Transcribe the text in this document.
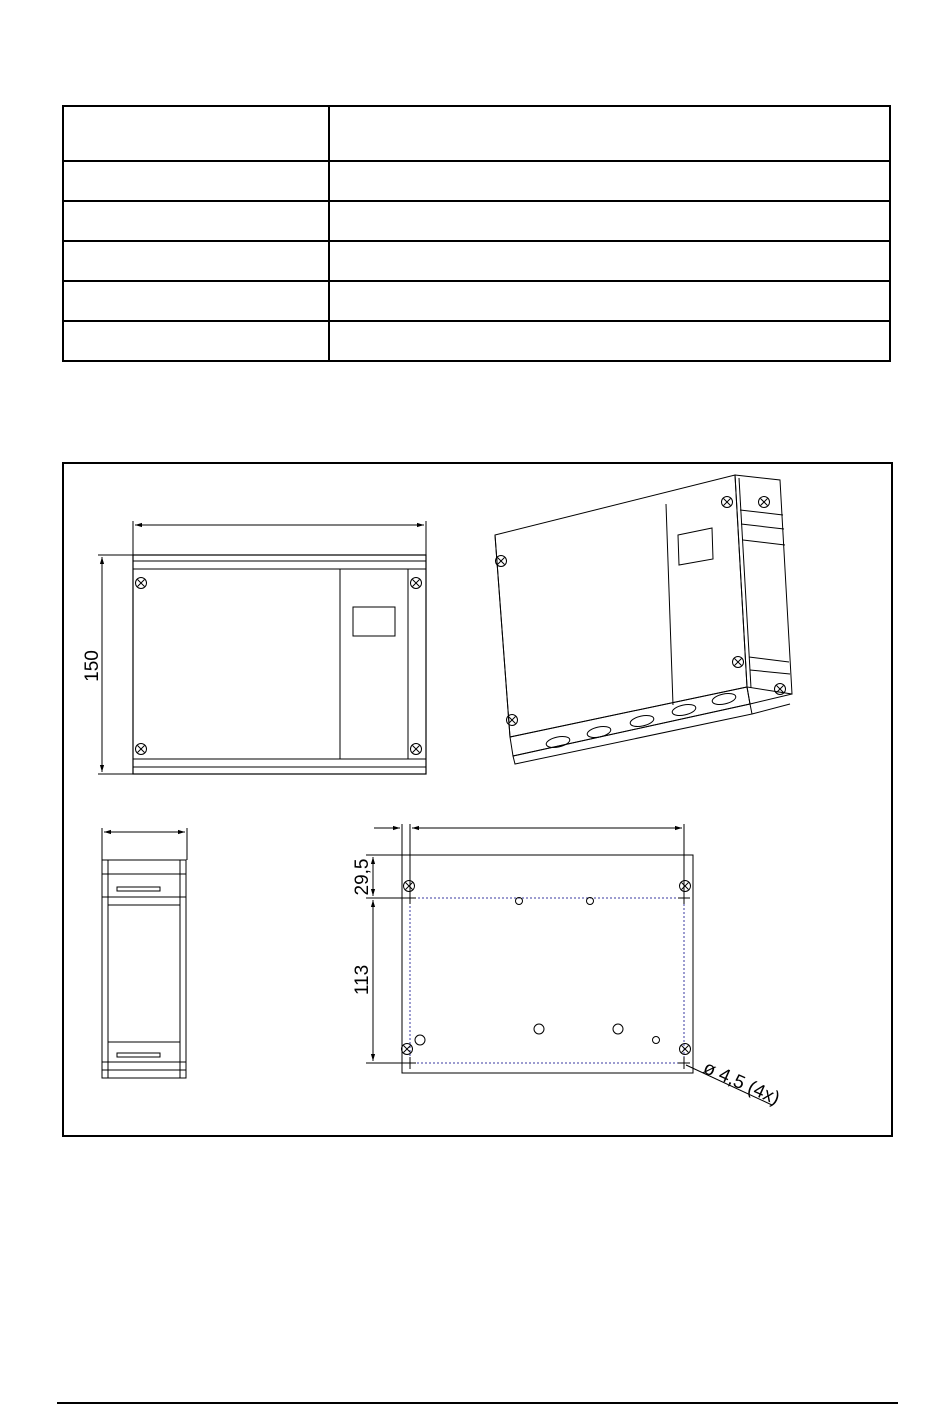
150
29,5
113
ø 4,5 (4x)
